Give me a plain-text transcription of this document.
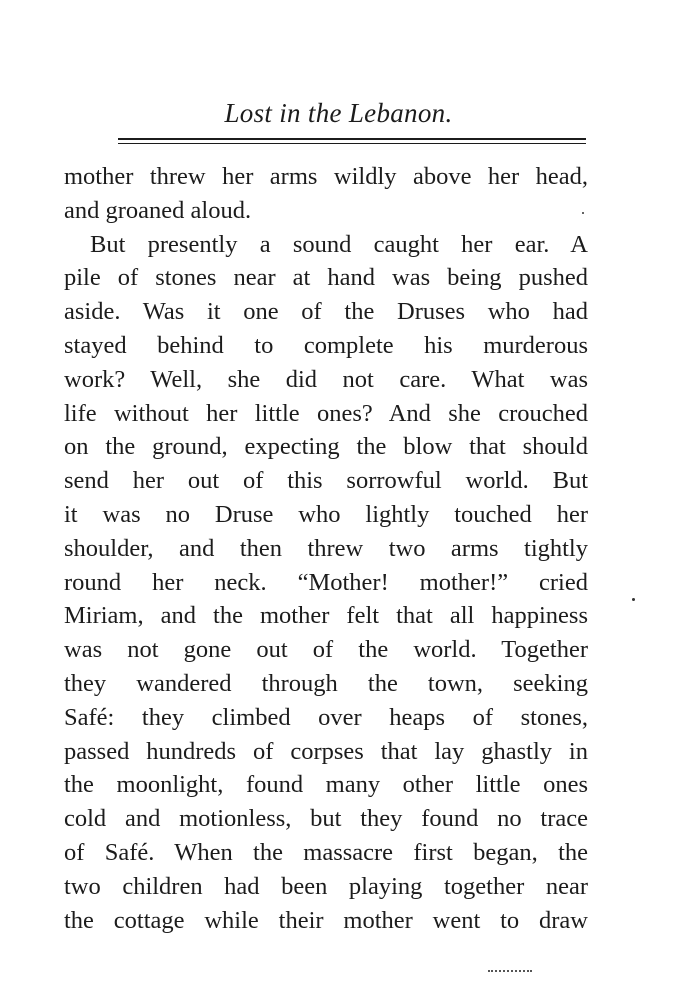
Lost in the Lebanon.
mother threw her arms wildly above her head,
and groaned aloud.
But presently a sound caught her ear. A
pile of stones near at hand was being pushed
aside. Was it one of the Druses who had
stayed behind to complete his murderous
work? Well, she did not care. What was
life without her little ones? And she crouched
on the ground, expecting the blow that should
send her out of this sorrowful world. But
it was no Druse who lightly touched her
shoulder, and then threw two arms tightly
round her neck. “Mother! mother!” cried
Miriam, and the mother felt that all happiness
was not gone out of the world. Together
they wandered through the town, seeking
Safé: they climbed over heaps of stones,
passed hundreds of corpses that lay ghastly in
the moonlight, found many other little ones
cold and motionless, but they found no trace
of Safé. When the massacre first began, the
two children had been playing together near
the cottage while their mother went to draw
